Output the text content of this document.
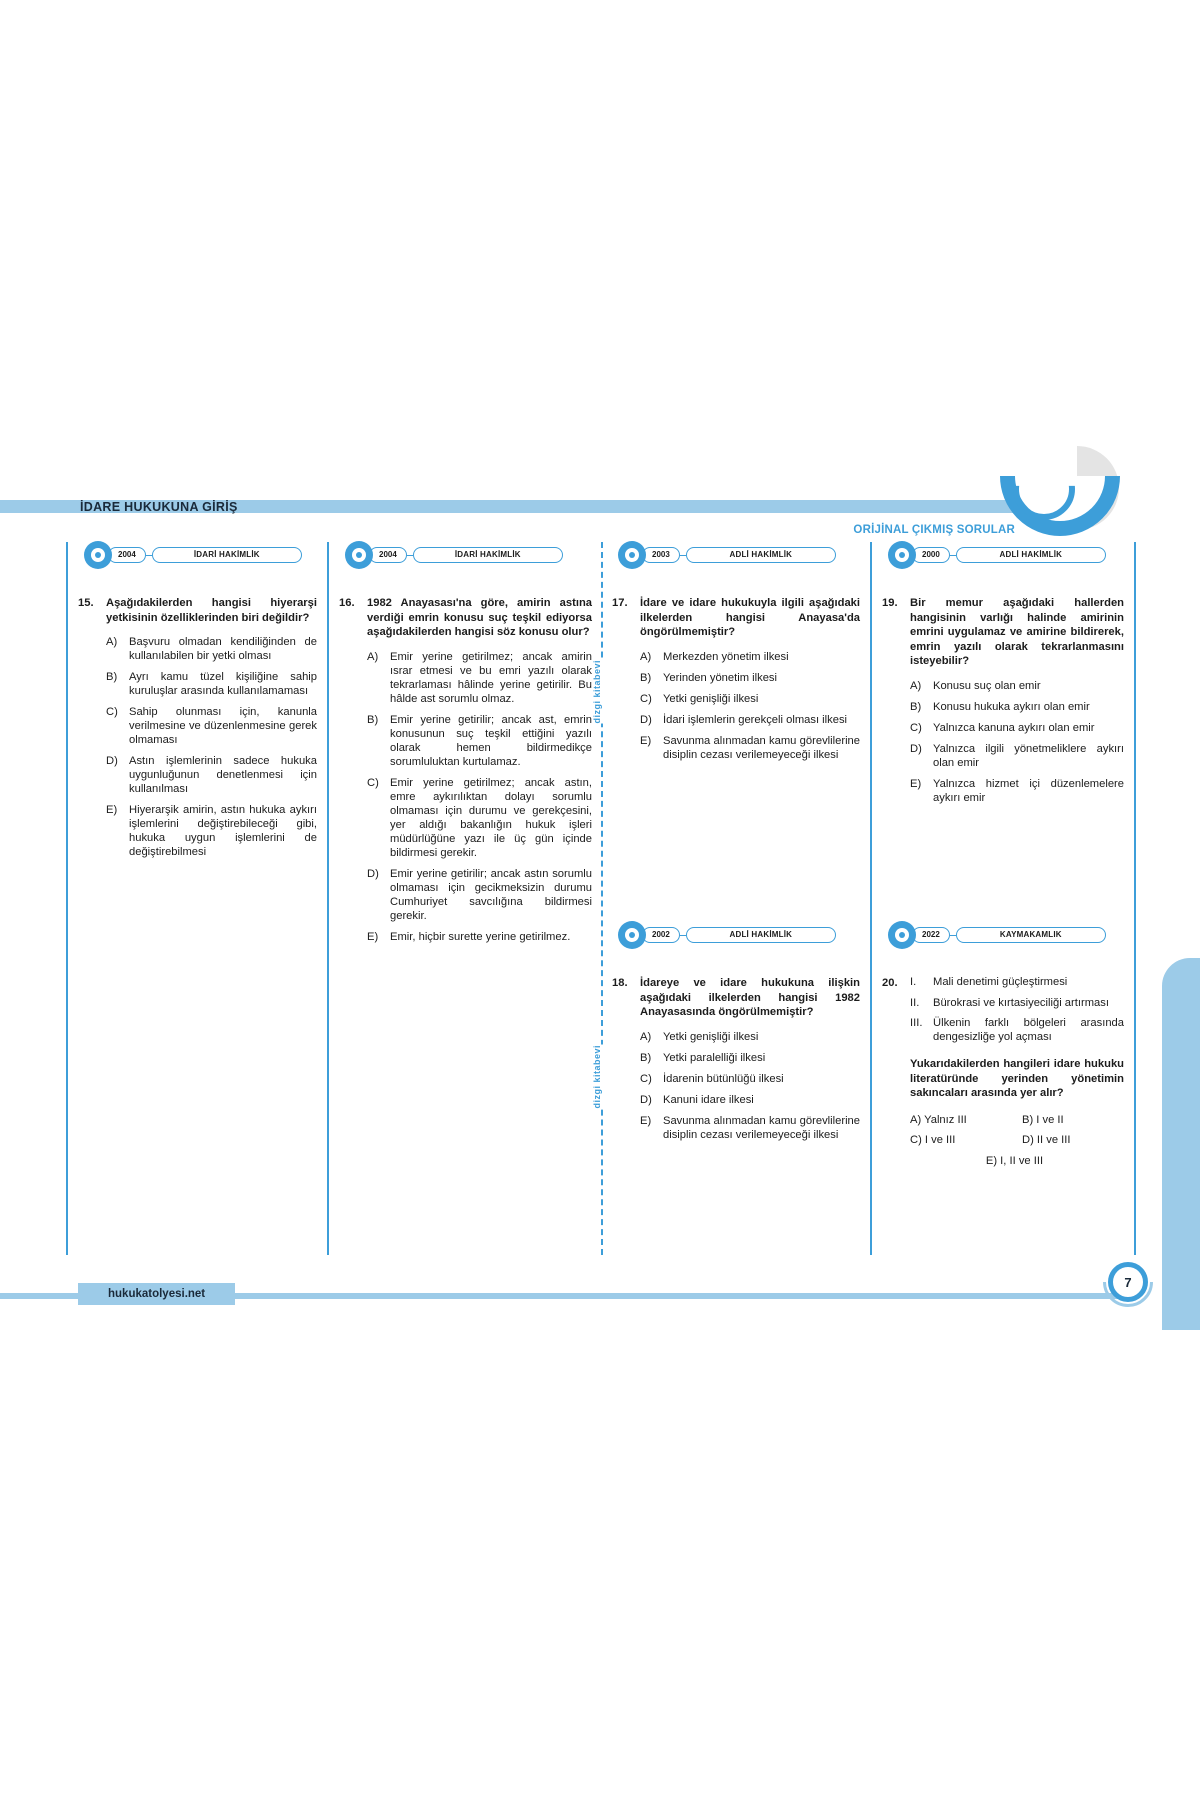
İDARE HUKUKUNA GİRİŞ
ORİJİNAL ÇIKMIŞ SORULAR
2004	İDARİ HAKİMLİK
15.	Aşağıdakilerden hangisi hiyerarşi yetkisinin özelliklerinden biri değildir?
A)	Başvuru olmadan kendiliğinden de kullanılabilen bir yetki olması
B)	Ayrı kamu tüzel kişiliğine sahip kuruluşlar arasında kullanılamaması
C) Sahip olunması için, kanunla verilmesine ve düzenlenmesine gerek olmaması
D) Astın işlemlerinin sadece hukuka uygunluğunun denetlenmesi için kullanılması
E)	Hiyerarşik amirin, astın hukuka aykırı işlemlerini değiştirebileceği gibi, hukuka uygun işlemlerini de değiştirebilmesi
2004	İDARİ HAKİMLİK
16.	1982 Anayasası'na göre, amirin astına verdiği emrin konusu suç teşkil ediyorsa aşağıdakilerden hangisi söz konusu olur?
A)	Emir yerine getirilmez; ancak amirin ısrar etmesi ve bu emri yazılı olarak tekrarlaması hâlinde yerine getirilir. Bu hâlde ast sorumlu olmaz.
B)	Emir yerine getirilir; ancak ast, emrin konusunun suç teşkil ettiğini yazılı olarak hemen bildirmedikçe sorumluluktan kurtulamaz.
C) Emir yerine getirilmez; ancak astın, emre aykırılıktan dolayı sorumlu olmaması için durumu ve gerekçesini, yer aldığı bakanlığın hukuk işleri müdürlüğüne yazı ile üç gün içinde bildirmesi gerekir.
D) Emir yerine getirilir; ancak astın sorumlu olmaması için gecikmeksizin durumu Cumhuriyet savcılığına bildirmesi gerekir.
E)	Emir, hiçbir surette yerine getirilmez.
dizgi kitabevi
dizgi kitabevi
2003	ADLİ HAKİMLİK
17.	İdare ve idare hukukuyla ilgili aşağıdaki ilkelerden hangisi Anayasa'da öngörülmemiştir?
A)	Merkezden yönetim ilkesi
B)	Yerinden yönetim ilkesi
C) Yetki genişliği ilkesi
D) İdari işlemlerin gerekçeli olması ilkesi
E)	Savunma alınmadan kamu görevlilerine disiplin cezası verilemeyeceği ilkesi
2002	ADLİ HAKİMLİK
18.	İdareye ve idare hukukuna ilişkin aşağıdaki ilkelerden hangisi 1982 Anayasasında öngörülmemiştir?
A)	Yetki genişliği ilkesi
B)	Yetki paralelliği ilkesi
C) İdarenin bütünlüğü ilkesi
D) Kanuni idare ilkesi
E)	Savunma alınmadan kamu görevlilerine disiplin cezası verilemeyeceği ilkesi
2000	ADLİ HAKİMLİK
19.	Bir memur aşağıdaki hallerden hangisinin varlığı halinde amirinin emrini uygulamaz ve amirine bildirerek, emrin yazılı olarak tekrarlanmasını isteyebilir?
A)	Konusu suç olan emir
B)	Konusu hukuka aykırı olan emir
C) Yalnızca kanuna aykırı olan emir
D) Yalnızca ilgili yönetmeliklere aykırı olan emir
E)	Yalnızca hizmet içi düzenlemelere aykırı emir
2022	KAYMAKAMLIK
20.	I.	Mali denetimi güçleştirmesi
II.	Bürokrasi ve kırtasiyeciliği artırması
III. Ülkenin farklı bölgeleri arasında dengesizliğe yol açması
Yukarıdakilerden hangileri idare hukuku literatüründe yerinden yönetimin sakıncaları arasında yer alır?
A) Yalnız III	B) I ve II
C) I ve III	D) II ve III
E) I, II ve III
hukukatolyesi.net
7
